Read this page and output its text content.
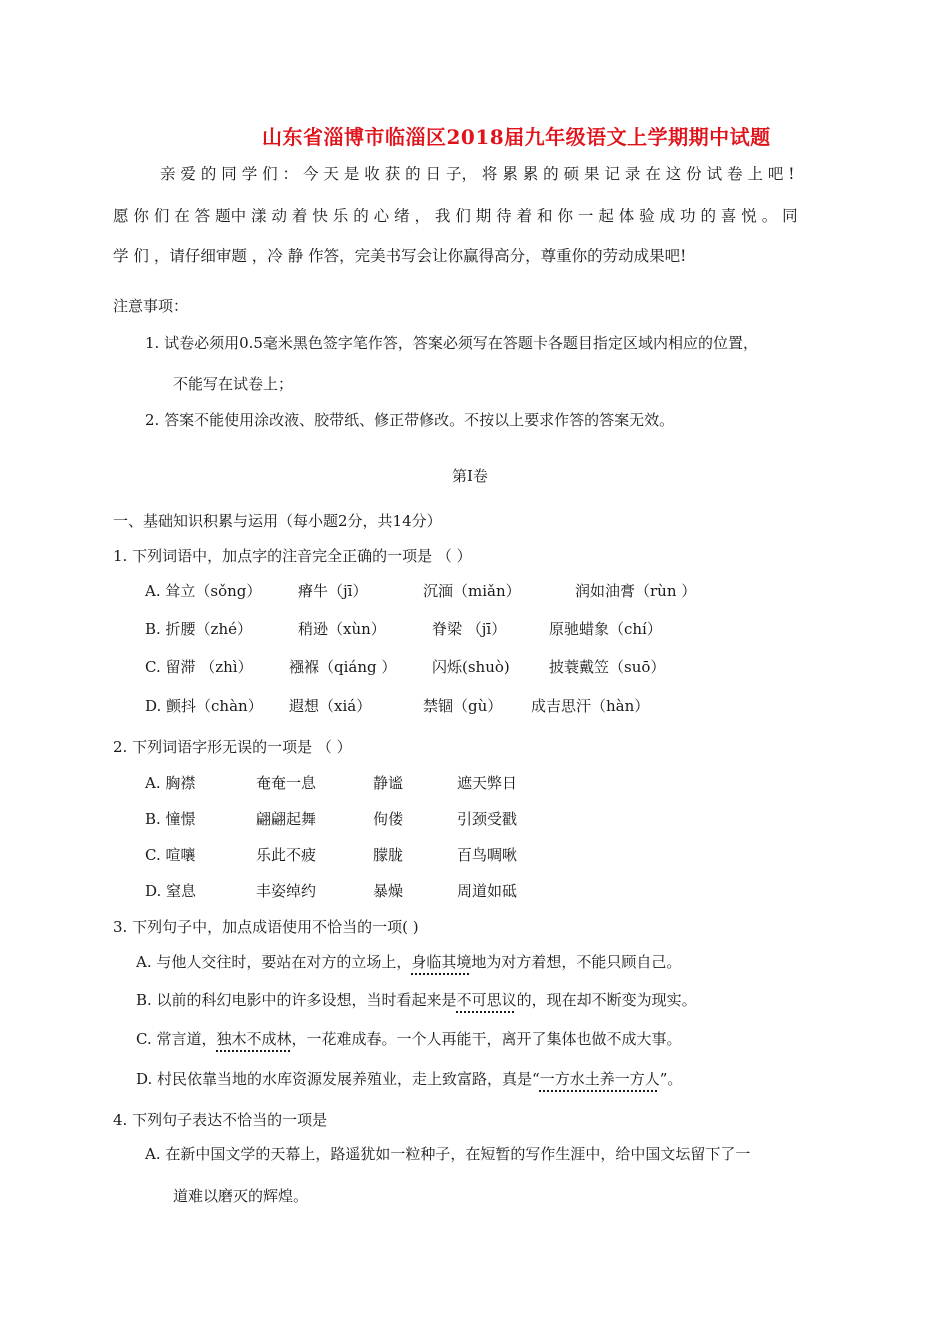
山东省淄博市临淄区2018届九年级语文上学期期中试题
亲 爱 的 同 学 们 ： 今 天 是 收 获 的 日 子， 将 累 累 的 硕 果 记 录 在 这 份 试 卷 上 吧 !
愿 你 们 在 答 题中 漾 动 着 快 乐 的 心 绪 ， 我 们 期 待 着 和 你 一 起 体 验 成 功 的 喜 悦 。 同
学 们 ，请仔细审题 ，冷 静 作答，完美书写会让你赢得高分，尊重你的劳动成果吧!
注意事项：
1. 试卷必须用0.5毫米黑色签字笔作答，答案必须写在答题卡各题目指定区域内相应的位置，
不能写在试卷上；
2. 答案不能使用涂改液、胶带纸、修正带修改。不按以上要求作答的答案无效。
第Ⅰ卷
一、基础知识积累与运用（每小题2分，共14分）
1. 下列词语中，加点字的注音完全正确的一项是 （ ）
A. 耸立（sǒng） 瘠牛（jī）	沉湎（miǎn）	润如油膏（rùn ）
B. 折腰（zhé）	稍逊（xùn）	脊梁 （jī）	原驰蜡象（chí）
C. 留滞 （zhì） 襁褓（qiáng ） 闪烁(shuò)	披蓑戴笠（suō）
D. 颤抖（chàn） 遐想（xiá）	禁锢（gù） 成吉思汗（hàn）
2. 下列词语字形无误的一项是 （ ）
A. 胸襟	奄奄一息	静谧	遮天弊日
B. 憧憬	翩翩起舞	佝偻	引颈受戳
C. 喧嚷	乐此不疲	朦胧	百鸟啁啾
D. 窒息	丰姿绰约	暴燥	周道如砥
3. 下列句子中，加点成语使用不恰当的一项( )
A. 与他人交往时，要站在对方的立场上，身临其境地为对方着想，不能只顾自己。
B. 以前的科幻电影中的许多设想，当时看起来是不可思议的，现在却不断变为现实。
C. 常言道，独木不成林，一花难成春。一个人再能干，离开了集体也做不成大事。
D. 村民依靠当地的水库资源发展养殖业，走上致富路，真是“一方水土养一方人”。
4. 下列句子表达不恰当的一项是
A. 在新中国文学的天幕上，路遥犹如一粒种子，在短暂的写作生涯中，给中国文坛留下了一
道难以磨灭的辉煌。
